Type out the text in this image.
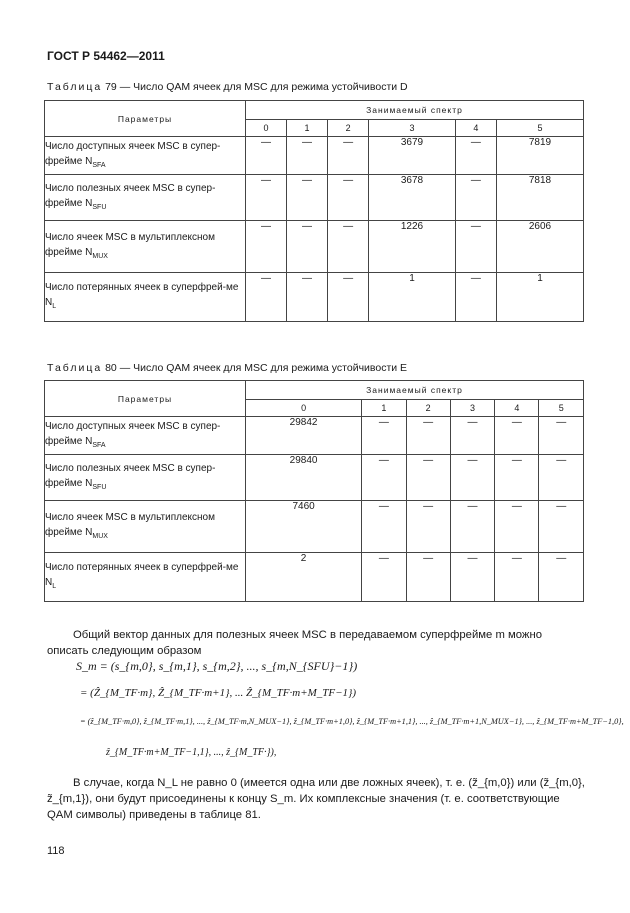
ГОСТ Р 54462—2011
Таблица 79 — Число QAM ячеек для MSC для режима устойчивости D
Параметры	Занимаемый спектр					
	0	1	2	3	4	5
Число доступных ячеек MSC в супер-фрейме $N_{SFA}$	—	—	—	3679	—	7819
Число полезных ячеек MSC в супер-фрейме $N_{SFU}$	—	—	—	3678	—	7818
Число ячеек MSC в мультиплексном фрейме $N_{MUX}$	—	—	—	1226	—	2606
Число потерянных ячеек в суперфрей-ме $N_L$	—	—	—	1	—	1
Таблица 80 — Число QAM ячеек для MSC для режима устойчивости E
Параметры	Занимаемый спектр					
	0	1	2	3	4	5
Число доступных ячеек MSC в супер-фрейме $N_{SFA}$	29842	—	—	—	—	—
Число полезных ячеек MSC в супер-фрейме $N_{SFU}$	29840	—	—	—	—	—
Число ячеек MSC в мультиплексном фрейме $N_{MUX}$	7460	—	—	—	—	—
Число потерянных ячеек в суперфрей-ме $N_L$	2	—	—	—	—	—
Общий вектор данных для полезных ячеек MSC в передаваемом суперфрейме m можно описать следующим образом
S_m = (s_{m,0}, s_{m,1}, s_{m,2}, ..., s_{m,N_{SFU}−1})
= (Ẑ_{M_TF·m}, Ẑ_{M_TF·m+1}, ... Ẑ_{M_TF·m+M_TF−1})
= (ẑ_{M_TF·m,0}, ẑ_{M_TF·m,1}, ..., ẑ_{M_TF·m,N_MUX−1}, ẑ_{M_TF·m+1,0}, ẑ_{M_TF·m+1,1}, ..., ẑ_{M_TF·m+1,N_MUX−1}, ..., ẑ_{M_TF·m+M_TF−1,0},
ẑ_{M_TF·m+M_TF−1,1}, ..., ẑ_{M_TF·}),
В случае, когда N_L не равно 0 (имеется одна или две ложных ячеек), т. е. (z̃_{m,0}) или (z̃_{m,0}, z̃_{m,1}), они будут присоединены к концу S_m. Их комплексные значения (т. е. соответствующие QAM символы) приведены в таблице 81.
118
